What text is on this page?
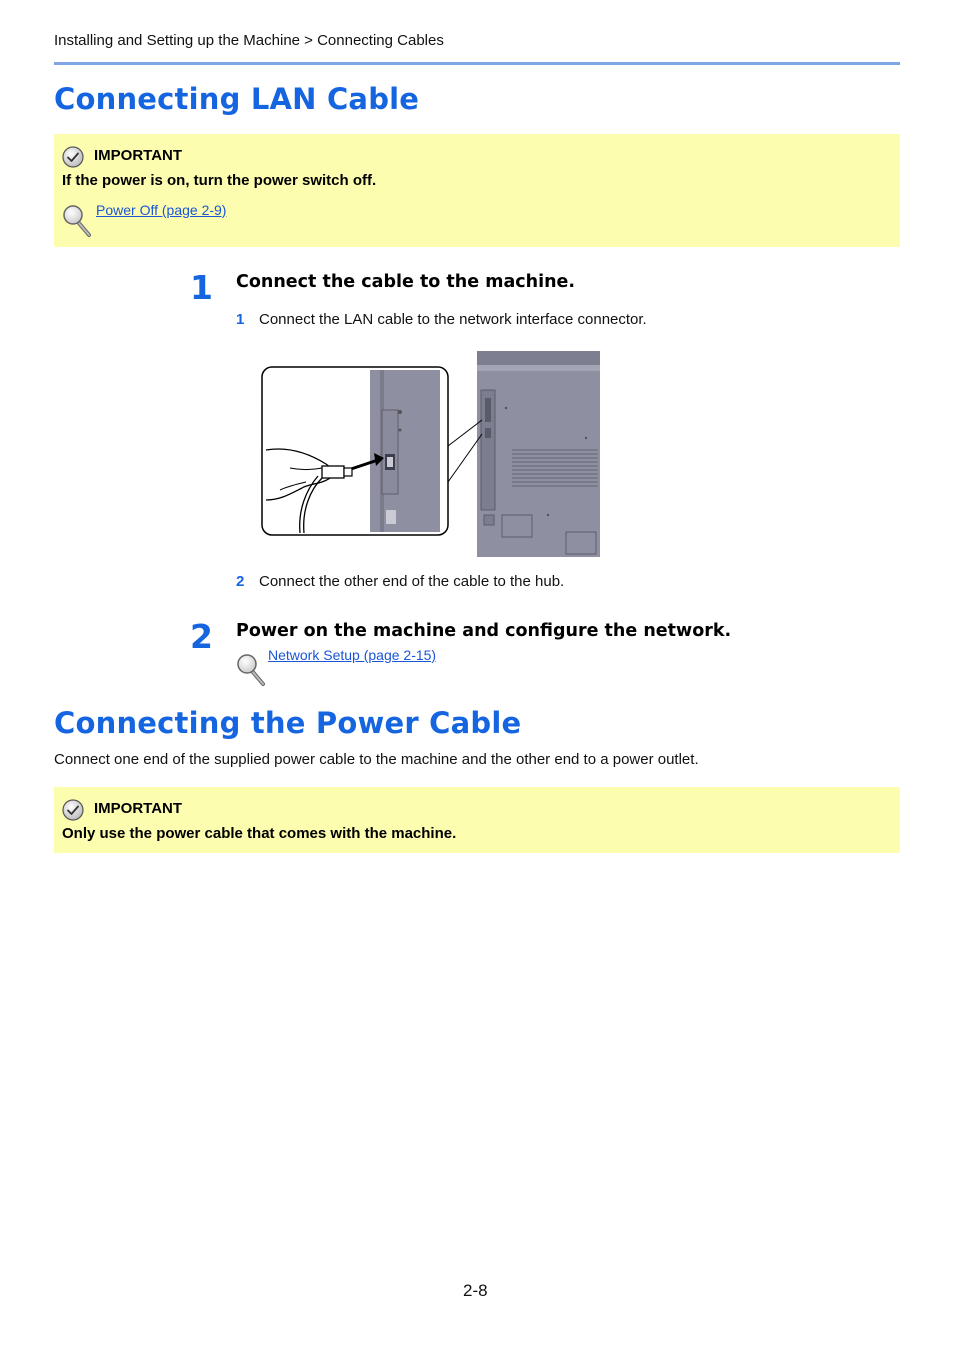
Installing and Setting up the Machine > Connecting Cables
Connecting LAN Cable
IMPORTANT
If the power is on, turn the power switch off.
Power Off (page 2-9)
1 Connect the cable to the machine.
1 Connect the LAN cable to the network interface connector.
2 Connect the other end of the cable to the hub.
2 Power on the machine and configure the network.
Network Setup (page 2-15)
Connecting the Power Cable
Connect one end of the supplied power cable to the machine and the other end to a power outlet.
IMPORTANT
Only use the power cable that comes with the machine.
2-8
